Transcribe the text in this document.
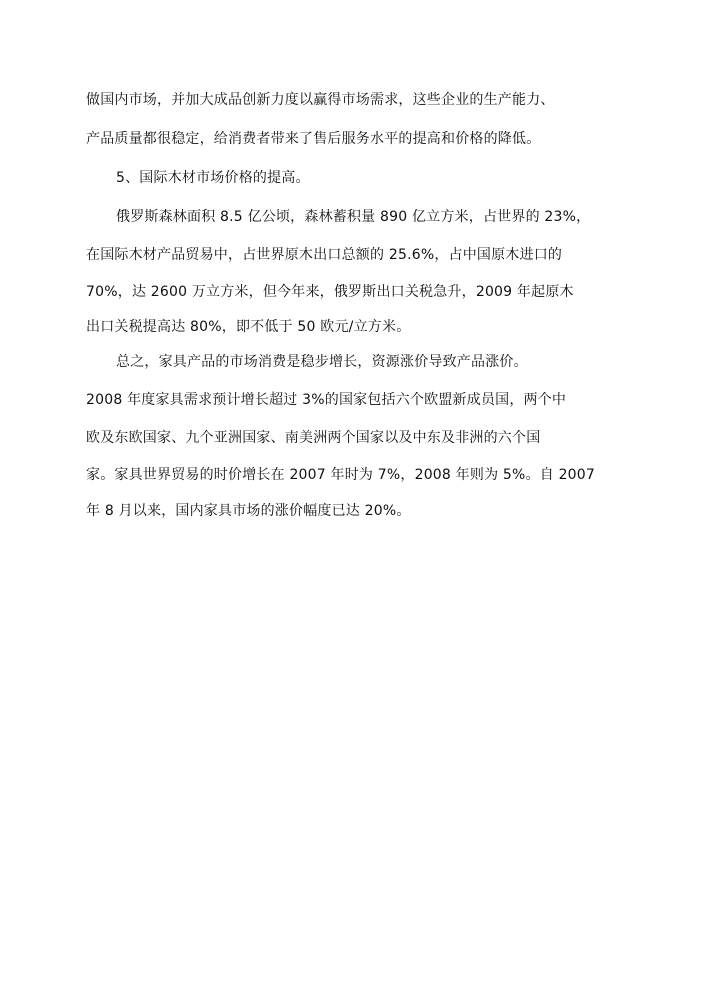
做国内市场，并加大成品创新力度以赢得市场需求，这些企业的生产能力、
产品质量都很稳定，给消费者带来了售后服务水平的提高和价格的降低。
5、国际木材市场价格的提高。
俄罗斯森林面积 8.5 亿公顷，森林蓄积量 890 亿立方米，占世界的 23%，
在国际木材产品贸易中，占世界原木出口总额的 25.6%，占中国原木进口的
70%，达 2600 万立方米，但今年来，俄罗斯出口关税急升，2009 年起原木
出口关税提高达 80%，即不低于 50 欧元/立方米。
总之，家具产品的市场消费是稳步增长，资源涨价导致产品涨价。
2008 年度家具需求预计增长超过 3%的国家包括六个欧盟新成员国，两个中
欧及东欧国家、九个亚洲国家、南美洲两个国家以及中东及非洲的六个国
家。家具世界贸易的时价增长在 2007 年时为 7%，2008 年则为 5%。自 2007
年 8 月以来，国内家具市场的涨价幅度已达 20%。
